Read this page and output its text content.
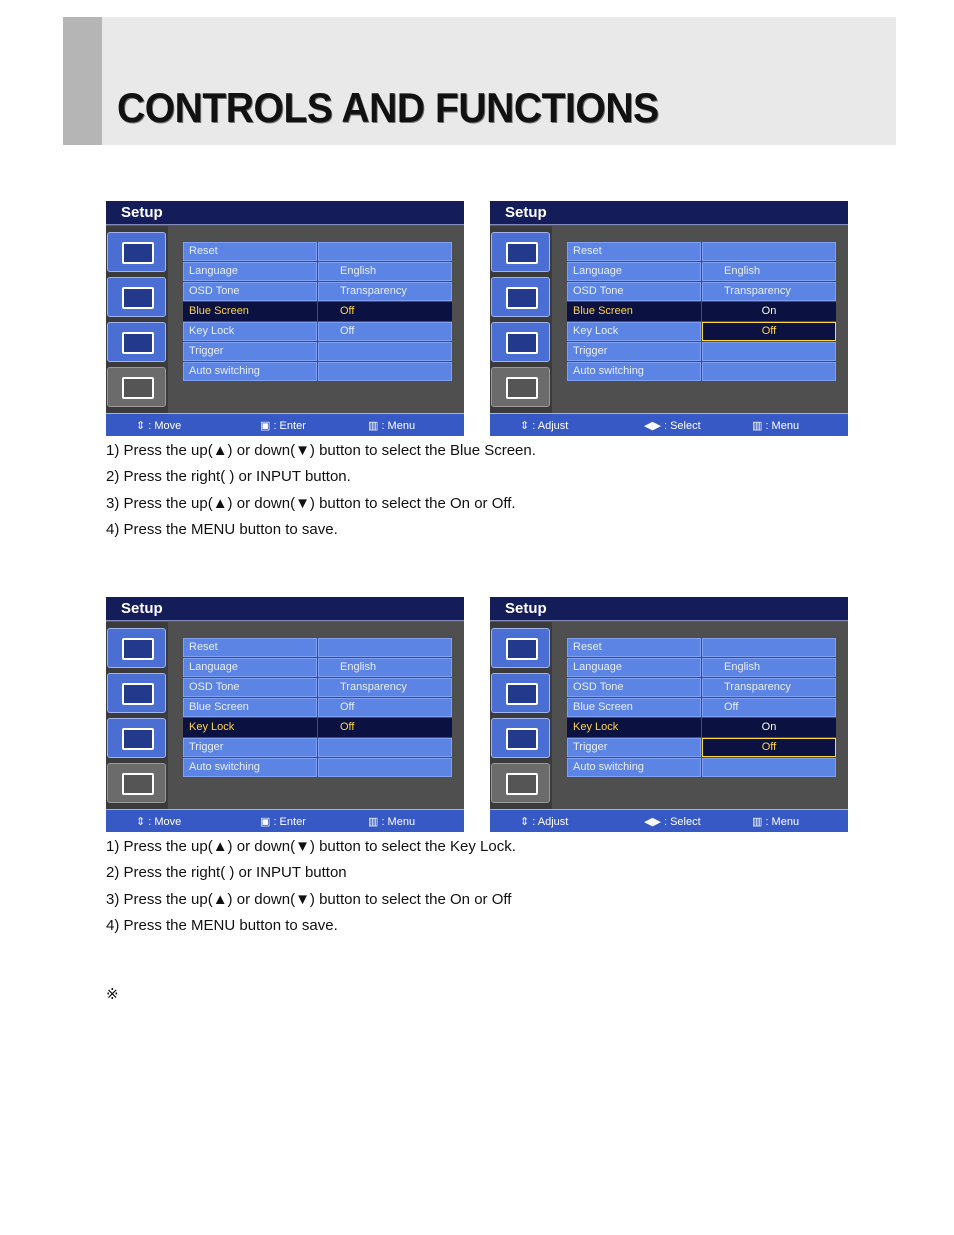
CONTROLS AND FUNCTIONS
Setup
Reset
Language	English
OSD Tone	Transparency
Blue Screen	Off
Key Lock	Off
Trigger
Auto switching
⇕ : Move	▣ : Enter	▥ : Menu
Setup
Reset
Language	English
OSD Tone	Transparency
Blue Screen	On
Key Lock	Off
Trigger
Auto switching
⇕ : Adjust	◀▶ : Select	▥ : Menu
1) Press the up(▲) or down(▼) button to select the Blue Screen.
2) Press the right( ) or INPUT button.
3) Press the up(▲) or down(▼) button to select the On or Off.
4) Press the MENU button to save.
Setup
Reset
Language	English
OSD Tone	Transparency
Blue Screen	Off
Key Lock	Off
Trigger
Auto switching
⇕ : Move	▣ : Enter	▥ : Menu
Setup
Reset
Language	English
OSD Tone	Transparency
Blue Screen	Off
Key Lock	On
Trigger	Off
Auto switching
⇕ : Adjust	◀▶ : Select	▥ : Menu
1) Press the up(▲) or down(▼) button to select the Key Lock.
2) Press the right( ) or INPUT button
3) Press the up(▲) or down(▼) button to select the On or Off
4) Press the MENU button to save.
※
